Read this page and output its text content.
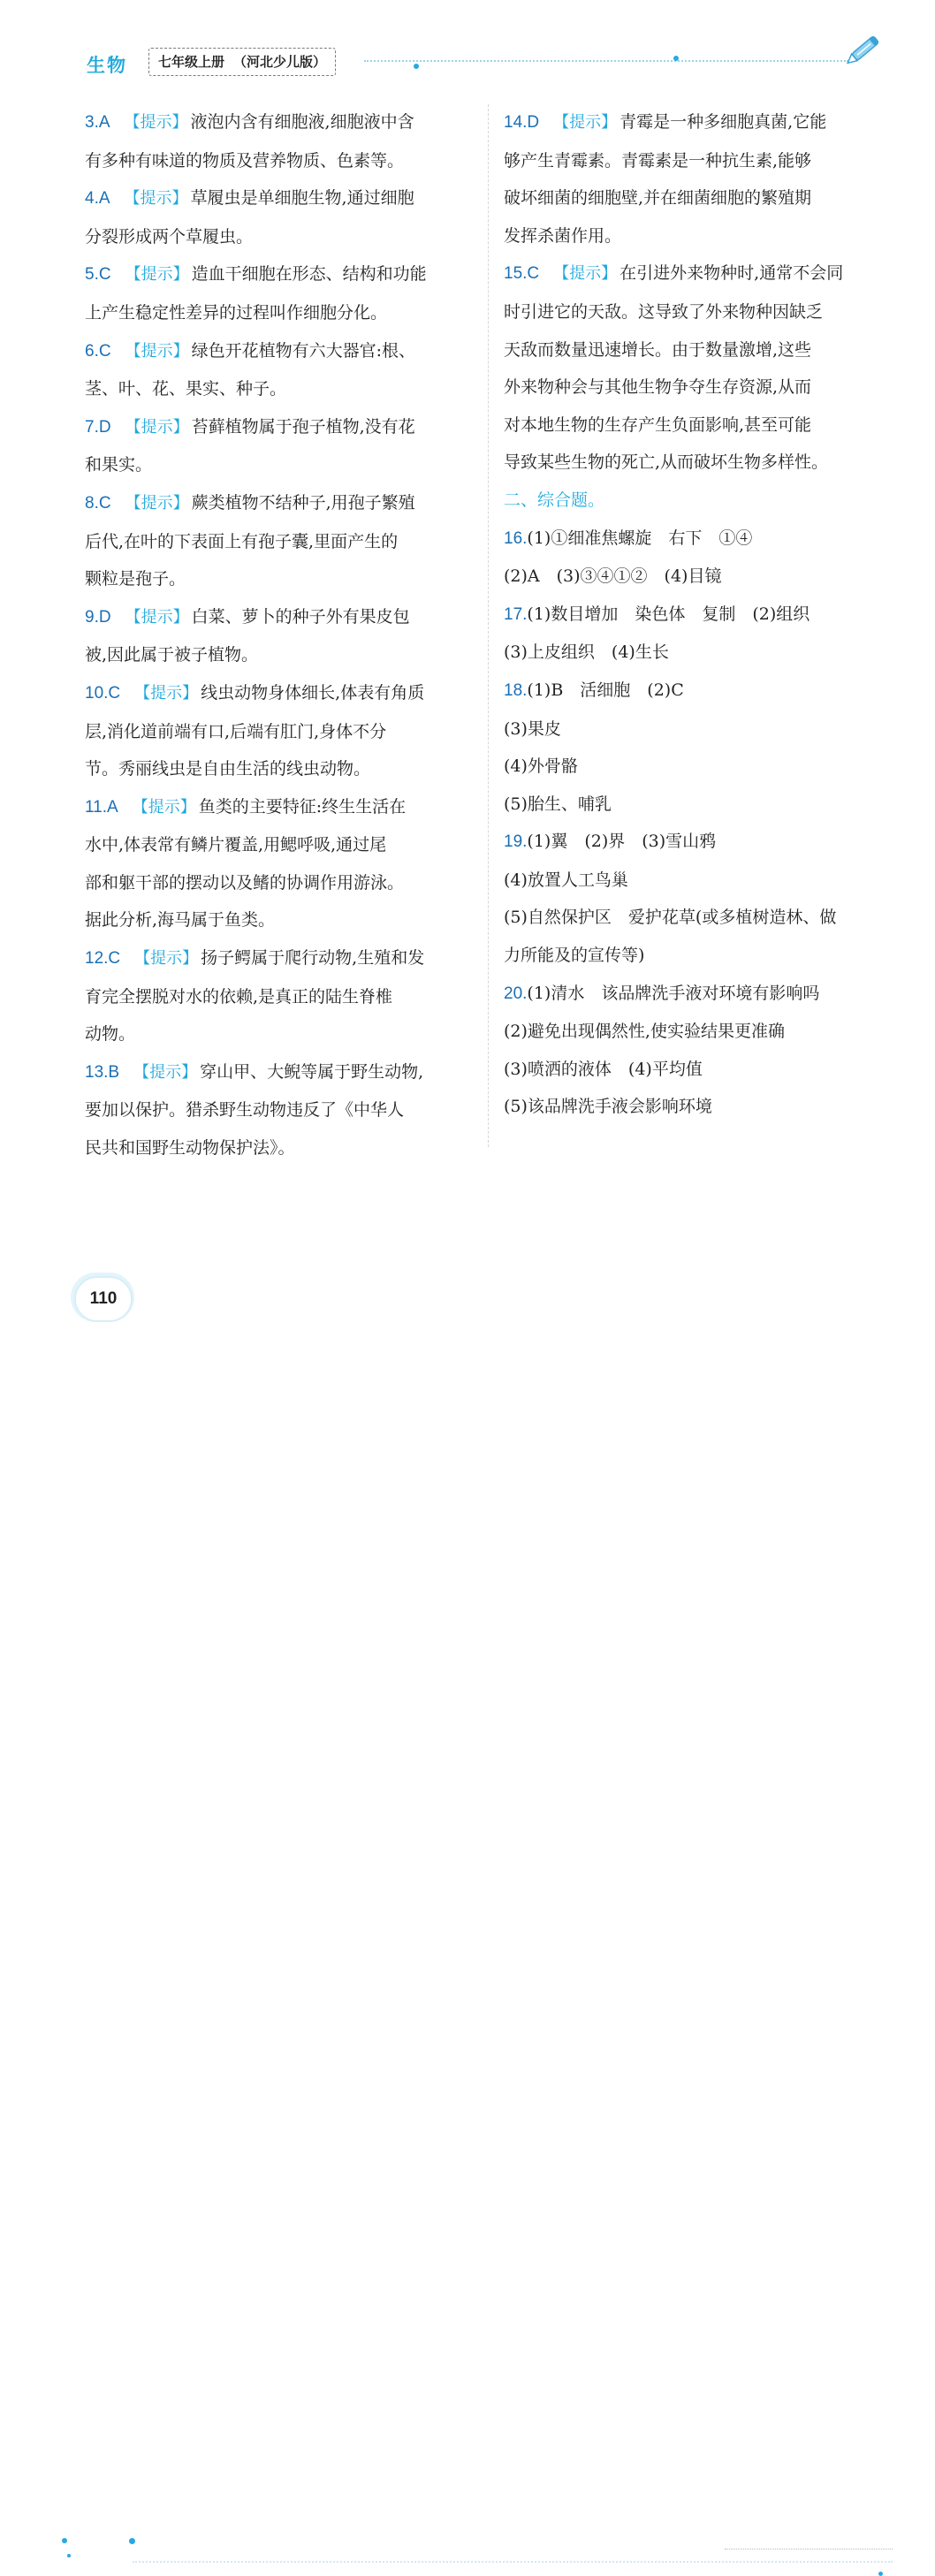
生物	七年级上册 （河北少儿版）
3.A 【提示】 液泡内含有细胞液,细胞液中含
有多种有味道的物质及营养物质、色素等。
4.A 【提示】 草履虫是单细胞生物,通过细胞
分裂形成两个草履虫。
5.C 【提示】 造血干细胞在形态、结构和功能
上产生稳定性差异的过程叫作细胞分化。
6.C 【提示】 绿色开花植物有六大器官:根、
茎、叶、花、果实、种子。
7.D 【提示】 苔藓植物属于孢子植物,没有花
和果实。
8.C 【提示】 蕨类植物不结种子,用孢子繁殖
后代,在叶的下表面上有孢子囊,里面产生的
颗粒是孢子。
9.D 【提示】 白菜、萝卜的种子外有果皮包
被,因此属于被子植物。
10.C 【提示】 线虫动物身体细长,体表有角质
层,消化道前端有口,后端有肛门,身体不分
节。秀丽线虫是自由生活的线虫动物。
11.A 【提示】 鱼类的主要特征:终生生活在
水中,体表常有鳞片覆盖,用鳃呼吸,通过尾
部和躯干部的摆动以及鳍的协调作用游泳。
据此分析,海马属于鱼类。
12.C 【提示】 扬子鳄属于爬行动物,生殖和发
育完全摆脱对水的依赖,是真正的陆生脊椎
动物。
13.B 【提示】 穿山甲、大鲵等属于野生动物,
要加以保护。猎杀野生动物违反了《中华人
民共和国野生动物保护法》。
14.D 【提示】 青霉是一种多细胞真菌,它能
够产生青霉素。青霉素是一种抗生素,能够
破坏细菌的细胞壁,并在细菌细胞的繁殖期
发挥杀菌作用。
15.C 【提示】 在引进外来物种时,通常不会同
时引进它的天敌。这导致了外来物种因缺乏
天敌而数量迅速增长。由于数量激增,这些
外来物种会与其他生物争夺生存资源,从而
对本地生物的生存产生负面影响,甚至可能
导致某些生物的死亡,从而破坏生物多样性。

二、综合题。

16.(1)①细准焦螺旋　右下　①④
(2)A　(3)③④①②　(4)目镜
17.(1)数目增加　染色体　复制　(2)组织
(3)上皮组织　(4)生长
18.(1)B　活细胞　(2)C
(3)果皮
(4)外骨骼
(5)胎生、哺乳
19.(1)翼　(2)界　(3)雪山鸦
(4)放置人工鸟巢
(5)自然保护区　爱护花草(或多植树造林、做
力所能及的宣传等)
20.(1)清水　该品牌洗手液对环境有影响吗
(2)避免出现偶然性,使实验结果更准确
(3)喷洒的液体　(4)平均值
(5)该品牌洗手液会影响环境
110
